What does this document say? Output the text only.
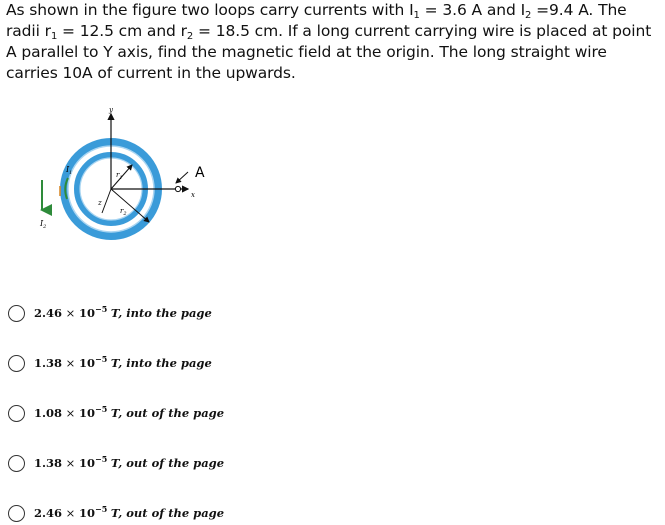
As shown in the figure two loops carry currents with $I_1 = 3.6$ A and $I_2 =9.4$ A. The radii $r_1 = 12.5$ cm and $r_2 = 18.5$ cm. If a long current carrying wire is placed at point A parallel to Y axis, find the magnetic field at the origin. The long straight wire carries 10A of current in the upwards.
y
x
z
A
$I_1$
$I_2$
$r_1$
$r_2$
$2.46 \times 10^{-5}$ T, into the page
$1.38 \times 10^{-5}$ T, into the page
$1.08 \times 10^{-5}$ T, out of the page
$1.38 \times 10^{-5}$ T, out of the page
$2.46 \times 10^{-5}$ T, out of the page
